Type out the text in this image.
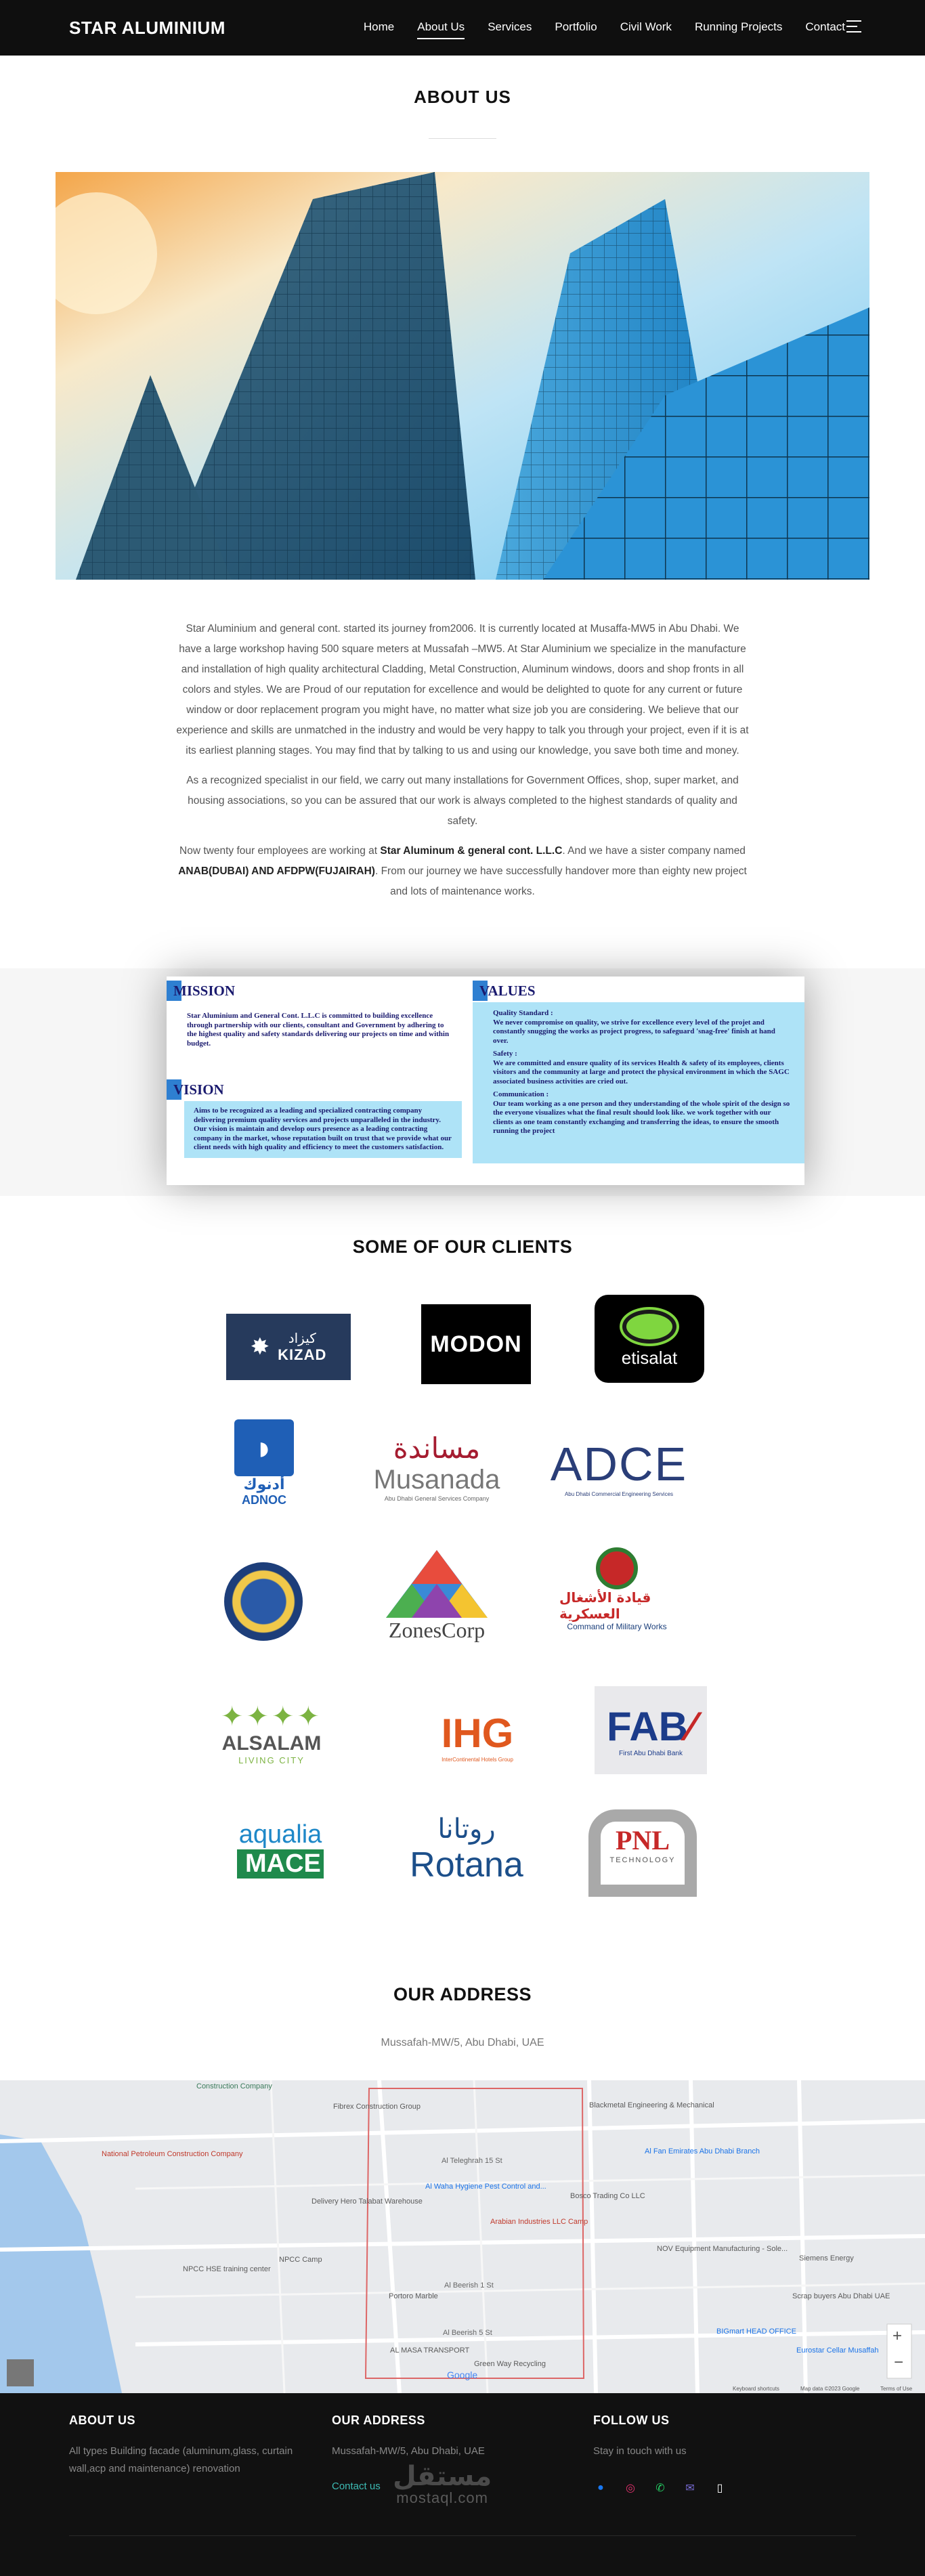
STAR ALUMINIUM	Home About Us Services Portfolio Civil Work Running Projects Contact
ABOUT US

Star Aluminium and general cont. started its journey from2006. It is currently located at Musaffa-MW5 in Abu Dhabi. We have a large workshop having 500 square meters at Mussafah –MW5. At Star Aluminium we specialize in the manufacture and installation of high quality architectural Cladding, Metal Construction, Aluminum windows, doors and shop fronts in all colors and styles. We are Proud of our reputation for excellence and would be delighted to quote for any current or future window or door replacement program you might have, no matter what size job you are considering. We believe that our experience and skills are unmatched in the industry and would be very happy to talk you through your project, even if it is at its earliest planning stages. You may find that by talking to us and using our knowledge, you save both time and money.

As a recognized specialist in our field, we carry out many installations for Government Offices, shop, super market, and housing associations, so you can be assured that our work is always completed to the highest standards of quality and safety.

Now twenty four employees are working at Star Aluminum & general cont. L.L.C. And we have a sister company named ANAB(DUBAI) AND AFDPW(FUJAIRAH). From our journey we have successfully handover more than eighty new project and lots of maintenance works.

MISSION
Star Aluminium and General Cont. L.L.C is committed to building excellence through partnership with our clients, consultant and Government by adhering to the highest quality and safety standards delivering our projects on time and within budget.
VISION
Aims to be recognized as a leading and specialized contracting company delivering premium quality services and projects unparalleled in the industry. Our vision is maintain and develop ours presence as a leading contracting company in the market, whose reputation built on trust that we provide what our client needs with high quality and efficiency to meet the customers satisfaction.
VALUES
Quality Standard :
We never compromise on quality, we strive for excellence every level of the projet and constantly snugging the works as project progress, to safeguard 'snag-free' finish at hand over.
Safety :
We are committed and ensure quality of its services Health & safety of its employees, clients visitors and the community at large and protect the physical environment in which the SAGC associated business activities are cried out.
Communication :
Our team working as a one person and they understanding of the whole spirit of the design so the everyone visualizes what the final result should look like. we work together with our clients as one team constantly exchanging and transferring the ideas, to ensure the smooth running the project
SOME OF OUR CLIENTS
✸	كيزاد
KIZAD	MODON
etisalat
◗
أدنوك
ADNOC
مساندة
Musanada
Abu Dhabi General Services Company
ADCE
Abu Dhabi Commercial Engineering Services
ZonesCorp
قيادة الأشغال العسكرية
Command of Military Works
✦✦✦✦
ALSALAM
LIVING CITY
IHG
InterContinental Hotels Group
FAB⁄
First Abu Dhabi Bank
aqualia
MACE
روتانا
Rotana
PNL
TECHNOLOGY
OUR ADDRESS
Mussafah-MW/5, Abu Dhabi, UAE
+
−
Construction Company
Fibrex Construction Group	Blackmetal Engineering & Mechanical
Al Fan Emirates Abu Dhabi Branch
National Petroleum Construction Company
Al Waha Hygiene Pest Control and...
Bosco Trading Co LLC
Delivery Hero Talabat Warehouse
Arabian Industries LLC Camp
NPCC HSE training center
NPCC Camp
NOV Equipment Manufacturing - Sole...
Siemens Energy
Portoro Marble
AL MASA TRANSPORT
Green Way Recycling
BIGmart HEAD OFFICE
Eurostar Cellar Musaffah
Scrap buyers Abu Dhabi UAE
Al Teleghrah 15 St
Al Beerish 1 St
Al Beerish 5 St
Google
Keyboard shortcuts	Map data ©2023 Google	Terms of Use
ABOUT US
All types Building facade (aluminum,glass, curtain wall,acp and maintenance) renovation
OUR ADDRESS
Mussafah-MW/5, Abu Dhabi, UAE
Contact us
FOLLOW US
Stay in touch with us
●	◎ ✆ ✉	▯
مستقل
mostaql.com
